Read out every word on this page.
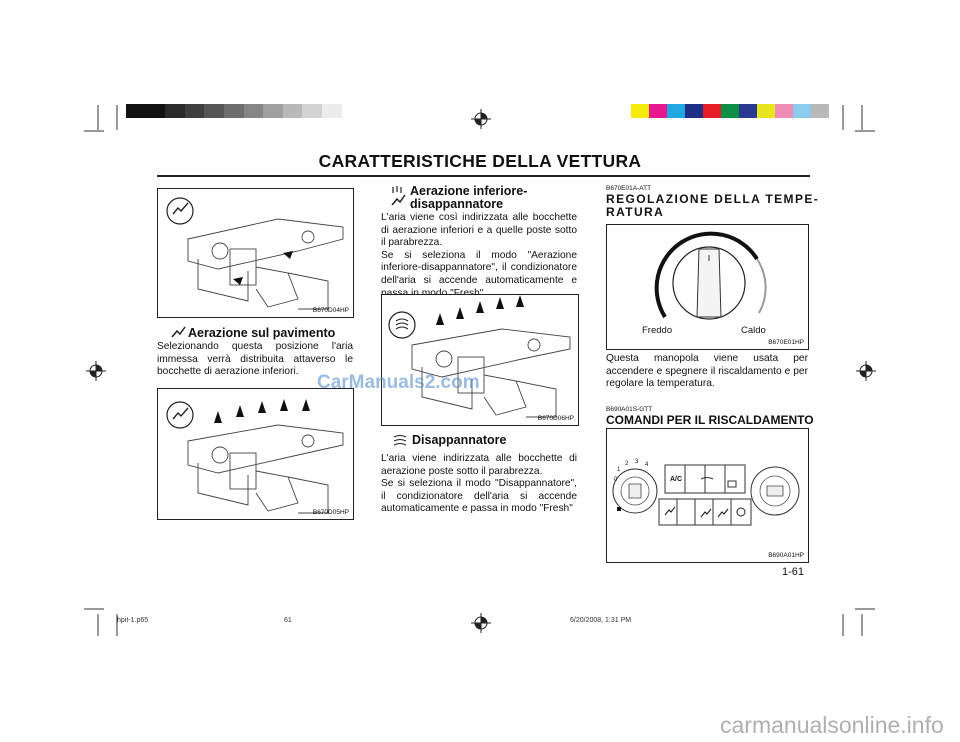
CARATTERISTICHE DELLA VETTURA
B670D04HP
Aerazione sul pavimento
Selezionando questa posizione l'aria immessa verrà distribuita attaverso le bocchette di aerazione inferiori.
B670D05HP
Aerazione inferiore-
disappannatore
L'aria viene così indirizzata alle bocchette di aerazione inferiori e a quelle poste sotto il parabrezza.
Se si seleziona il modo "Aerazione inferiore-disappannatore", il condizionatore dell'aria si accende automaticamente e
B670D06HP
Disappannatore
L'aria viene indirizzata alle bocchette di aerazione poste sotto il parabrezza.
Se si seleziona il modo "Disappannatore", il condizionatore dell'aria si accende automaticamente e passa in modo "Fresh"
B670E01A-ATT
REGOLAZIONE DELLA TEMPE-
RATURA
Freddo	Caldo
B670E01HP
Questa manopola viene usata per accendere e spegnere il riscaldamento e per regolare la temperatura.
B690A01S-GTT
COMANDI PER IL RISCALDAMENTO
0
1
2 3 4
A/C
B690A01HP
1-61
CarManuals2.com
hpit-1.p65	61	6/20/2008, 1:31 PM
carmanualsonline.info
